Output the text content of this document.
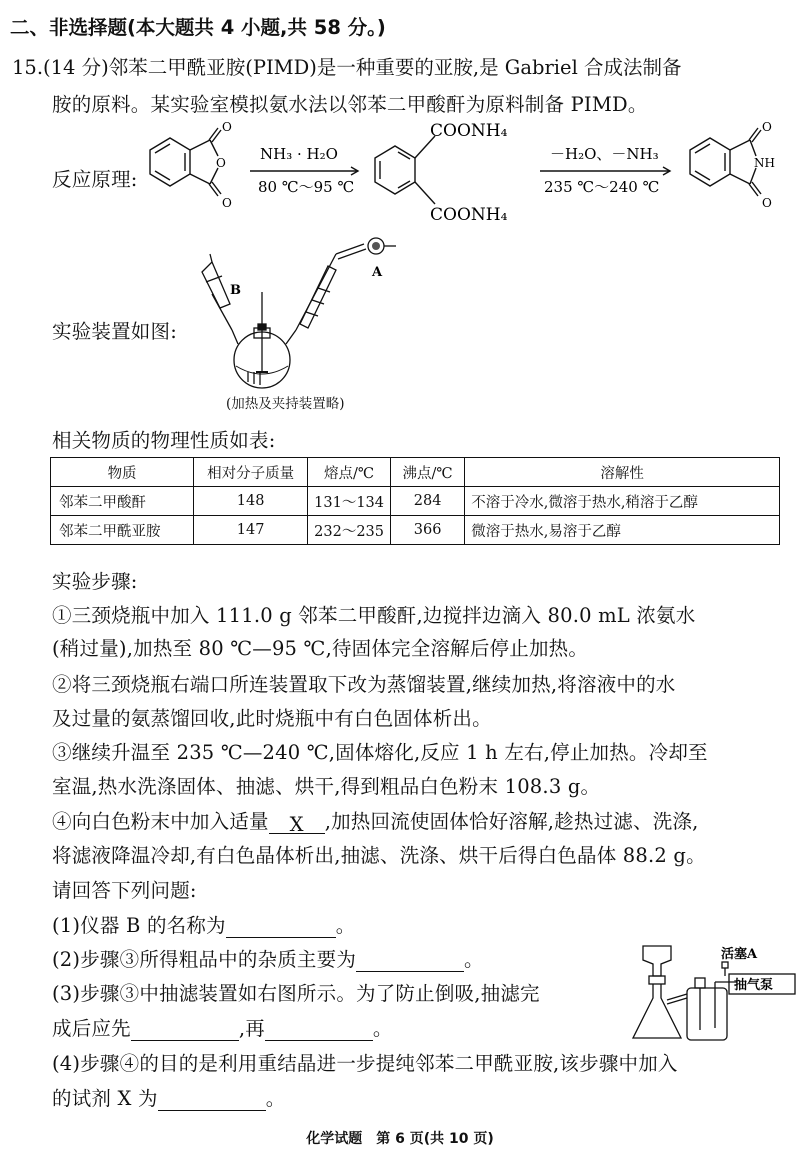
二、非选择题(本大题共 4 小题,共 58 分。)
15.(14 分)邻苯二甲酰亚胺(PIMD)是一种重要的亚胺,是 Gabriel 合成法制备
胺的原料。某实验室模拟氨水法以邻苯二甲酸酐为原料制备 PIMD。
反应原理:
O
O
O
NH₃ · H₂O
80 ℃～95 ℃
COONH₄
COONH₄
－H₂O、－NH₃
235 ℃～240 ℃
O
NH
O
实验装置如图:
A
B
(加热及夹持装置略)
相关物质的物理性质如表:
物质	相对分子质量	熔点/℃	沸点/℃	溶解性
邻苯二甲酸酐	148	131～134	284	不溶于冷水,微溶于热水,稍溶于乙醇
邻苯二甲酰亚胺	147	232～235	366	微溶于热水,易溶于乙醇
实验步骤:
①三颈烧瓶中加入 111.0 g 邻苯二甲酸酐,边搅拌边滴入 80.0 mL 浓氨水
(稍过量),加热至 80 ℃—95 ℃,待固体完全溶解后停止加热。
②将三颈烧瓶右端口所连装置取下改为蒸馏装置,继续加热,将溶液中的水
及过量的氨蒸馏回收,此时烧瓶中有白色固体析出。
③继续升温至 235 ℃—240 ℃,固体熔化,反应 1 h 左右,停止加热。冷却至
室温,热水洗涤固体、抽滤、烘干,得到粗品白色粉末 108.3 g。
④向白色粉末中加入适量 X ,加热回流使固体恰好溶解,趁热过滤、洗涤,
将滤液降温冷却,有白色晶体析出,抽滤、洗涤、烘干后得白色晶体 88.2 g。
请回答下列问题:
(1)仪器 B 的名称为	。
(2)步骤③所得粗品中的杂质主要为	。
(3)步骤③中抽滤装置如右图所示。为了防止倒吸,抽滤完
成后应先	,再	。
(4)步骤④的目的是利用重结晶进一步提纯邻苯二甲酰亚胺,该步骤中加入
的试剂 X 为	。
活塞A
抽气泵
化学试题　第 6 页(共 10 页)
